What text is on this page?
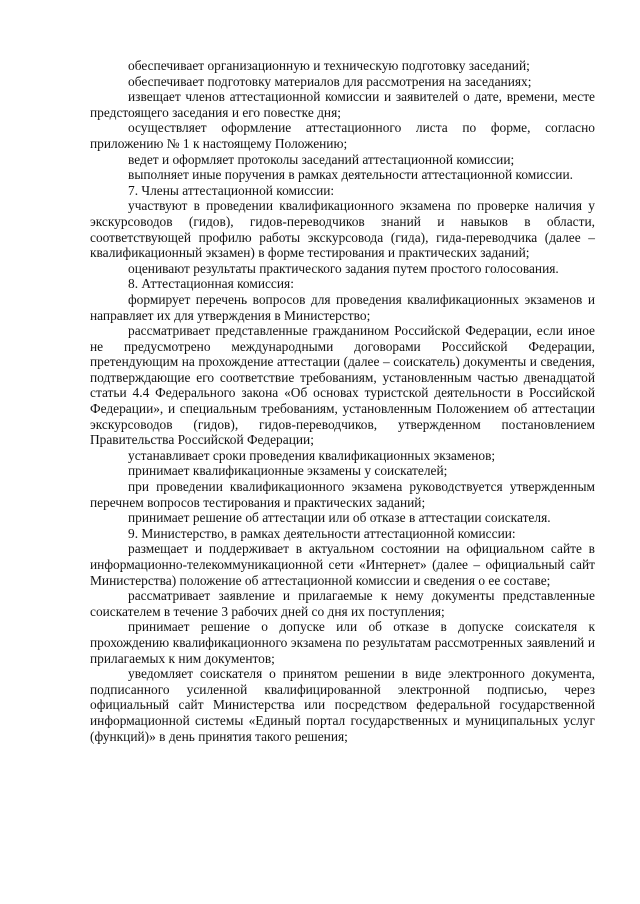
обеспечивает организационную и техническую подготовку заседаний;

обеспечивает подготовку материалов для рассмотрения на заседаниях;

извещает членов аттестационной комиссии и заявителей о дате, времени, месте предстоящего заседания и его повестке дня;

осуществляет оформление аттестационного листа по форме, согласно приложению № 1 к настоящему Положению;

ведет и оформляет протоколы заседаний аттестационной комиссии;

выполняет иные поручения в рамках деятельности аттестационной комиссии.

7. Члены аттестационной комиссии:

участвуют в проведении квалификационного экзамена по проверке наличия у экскурсоводов (гидов), гидов-переводчиков знаний и навыков в области, соответствующей профилю работы экскурсовода (гида), гида-переводчика (далее – квалификационный экзамен) в форме тестирования и практических заданий;

оценивают результаты практического задания путем простого голосования.

8. Аттестационная комиссия:

формирует перечень вопросов для проведения квалификационных экзаменов и направляет их для утверждения в Министерство;

рассматривает представленные гражданином Российской Федерации, если иное не предусмотрено международными договорами Российской Федерации, претендующим на прохождение аттестации (далее – соискатель) документы и сведения, подтверждающие его соответствие требованиям, установленным частью двенадцатой статьи 4.4 Федерального закона «Об основах туристской деятельности в Российской Федерации», и специальным требованиям, установленным Положением об аттестации экскурсоводов (гидов), гидов-переводчиков, утвержденном постановлением Правительства Российской Федерации;

устанавливает сроки проведения квалификационных экзаменов;

принимает квалификационные экзамены у соискателей;

при проведении квалификационного экзамена руководствуется утвержденным перечнем вопросов тестирования и практических заданий;

принимает решение об аттестации или об отказе в аттестации соискателя.

9. Министерство, в рамках деятельности аттестационной комиссии:

размещает и поддерживает в актуальном состоянии на официальном сайте в информационно-телекоммуникационной сети «Интернет» (далее – официальный сайт Министерства) положение об аттестационной комиссии и сведения о ее составе;

рассматривает заявление и прилагаемые к нему документы представленные соискателем в течение 3 рабочих дней со дня их поступления;

принимает решение о допуске или об отказе в допуске соискателя к прохождению квалификационного экзамена по результатам рассмотренных заявлений и прилагаемых к ним документов;

уведомляет соискателя о принятом решении в виде электронного документа, подписанного усиленной квалифицированной электронной подписью, через официальный сайт Министерства или посредством федеральной государственной информационной системы «Единый портал государственных и муниципальных услуг (функций)» в день принятия такого решения;
